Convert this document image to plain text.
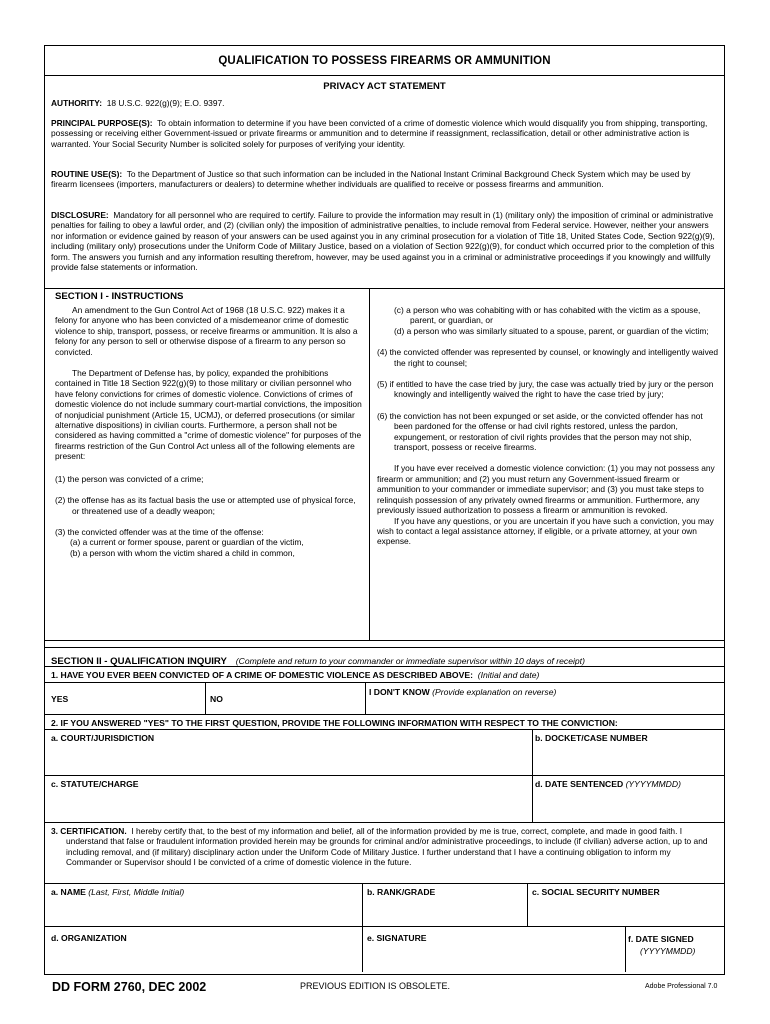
QUALIFICATION TO POSSESS FIREARMS OR AMMUNITION
PRIVACY ACT STATEMENT
AUTHORITY: 18 U.S.C. 922(g)(9); E.O. 9397.
PRINCIPAL PURPOSE(S): To obtain information to determine if you have been convicted of a crime of domestic violence which would disqualify you from shipping, transporting, possessing or receiving either Government-issued or private firearms or ammunition and to determine if reassignment, reclassification, detail or other administrative action is warranted. Your Social Security Number is solicited solely for purposes of verifying your identity.
ROUTINE USE(S): To the Department of Justice so that such information can be included in the National Instant Criminal Background Check System which may be used by firearm licensees (importers, manufacturers or dealers) to determine whether individuals are qualified to receive or possess firearms and ammunition.
DISCLOSURE: Mandatory for all personnel who are required to certify. Failure to provide the information may result in (1) (military only) the imposition of criminal or administrative penalties for failing to obey a lawful order, and (2) (civilian only) the imposition of administrative penalties, to include removal from Federal service. However, neither your answers nor information or evidence gained by reason of your answers can be used against you in any criminal prosecution for a violation of Title 18, United States Code, Section 922(g)(9), including (military only) prosecutions under the Uniform Code of Military Justice, based on a violation of Section 922(g)(9), for conduct which occurred prior to the completion of this form. The answers you furnish and any information resulting therefrom, however, may be used against you in a criminal or administrative proceedings if you knowingly and willfully provide false statements or information.
SECTION I - INSTRUCTIONS

An amendment to the Gun Control Act of 1968 (18 U.S.C. 922) makes it a felony for anyone who has been convicted of a misdemeanor crime of domestic violence to ship, transport, possess, or receive firearms or ammunition. It is also a felony for any person to sell or otherwise dispose of a firearm to any person so convicted.

The Department of Defense has, by policy, expanded the prohibitions contained in Title 18 Section 922(g)(9) to those military or civilian personnel who have felony convictions for crimes of domestic violence. Convictions of crimes of domestic violence do not include summary court-martial convictions, the imposition of nonjudicial punishment (Article 15, UCMJ), or deferred prosecutions (or similar alternative dispositions) in civilian courts. Furthermore, a person shall not be considered as having committed a "crime of domestic violence" for purposes of the firearms restriction of the Gun Control Act unless all of the following elements are present:

(1) the person was convicted of a crime;

(2) the offense has as its factual basis the use or attempted use of physical force, or threatened use of a deadly weapon;

(3) the convicted offender was at the time of the offense:

(a) a current or former spouse, parent or guardian of the victim,

(b) a person with whom the victim shared a child in common,

(c) a person who was cohabiting with or has cohabited with the victim as a spouse, parent, or guardian, or

(d) a person who was similarly situated to a spouse, parent, or guardian of the victim;

(4) the convicted offender was represented by counsel, or knowingly and intelligently waived the right to counsel;

(5) if entitled to have the case tried by jury, the case was actually tried by jury or the person knowingly and intelligently waived the right to have the case tried by jury;

(6) the conviction has not been expunged or set aside, or the convicted offender has not been pardoned for the offense or had civil rights restored, unless the pardon, expungement, or restoration of civil rights provides that the person may not ship, transport, possess or receive firearms.

If you have ever received a domestic violence conviction: (1) you may not possess any firearm or ammunition; and (2) you must return any Government-issued firearm or ammunition to your commander or immediate supervisor; and (3) you must take steps to relinquish possession of any privately owned firearms or ammunition. Furthermore, any previously issued authorization to possess a firearm or ammunition is revoked.

If you have any questions, or you are uncertain if you have such a conviction, you may wish to contact a legal assistance attorney, if eligible, or a private attorney, at your own expense.

SECTION II - QUALIFICATION INQUIRY (Complete and return to your commander or immediate supervisor within 10 days of receipt)
1. HAVE YOU EVER BEEN CONVICTED OF A CRIME OF DOMESTIC VIOLENCE AS DESCRIBED ABOVE: (Initial and date)
YES	NO
I DON'T KNOW (Provide explanation on reverse)
2. IF YOU ANSWERED "YES" TO THE FIRST QUESTION, PROVIDE THE FOLLOWING INFORMATION WITH RESPECT TO THE CONVICTION:
a. COURT/JURISDICTION	b. DOCKET/CASE NUMBER
c. STATUTE/CHARGE	d. DATE SENTENCED (YYYYMMDD)
3. CERTIFICATION. I hereby certify that, to the best of my information and belief, all of the information provided by me is true, correct, complete, and made in good faith. I understand that false or fraudulent information provided herein may be grounds for criminal and/or administrative proceedings, to include (if civilian) adverse action, up to and including removal, and (if military) disciplinary action under the Uniform Code of Military Justice. I further understand that I have a continuing obligation to inform my Commander or Supervisor should I be convicted of a crime of domestic violence in the future.
a. NAME (Last, First, Middle Initial)	b. RANK/GRADE	c. SOCIAL SECURITY NUMBER
d. ORGANIZATION	e. SIGNATURE	f. DATE SIGNED
(YYYYMMDD)
DD FORM 2760, DEC 2002	PREVIOUS EDITION IS OBSOLETE.	Adobe Professional 7.0
